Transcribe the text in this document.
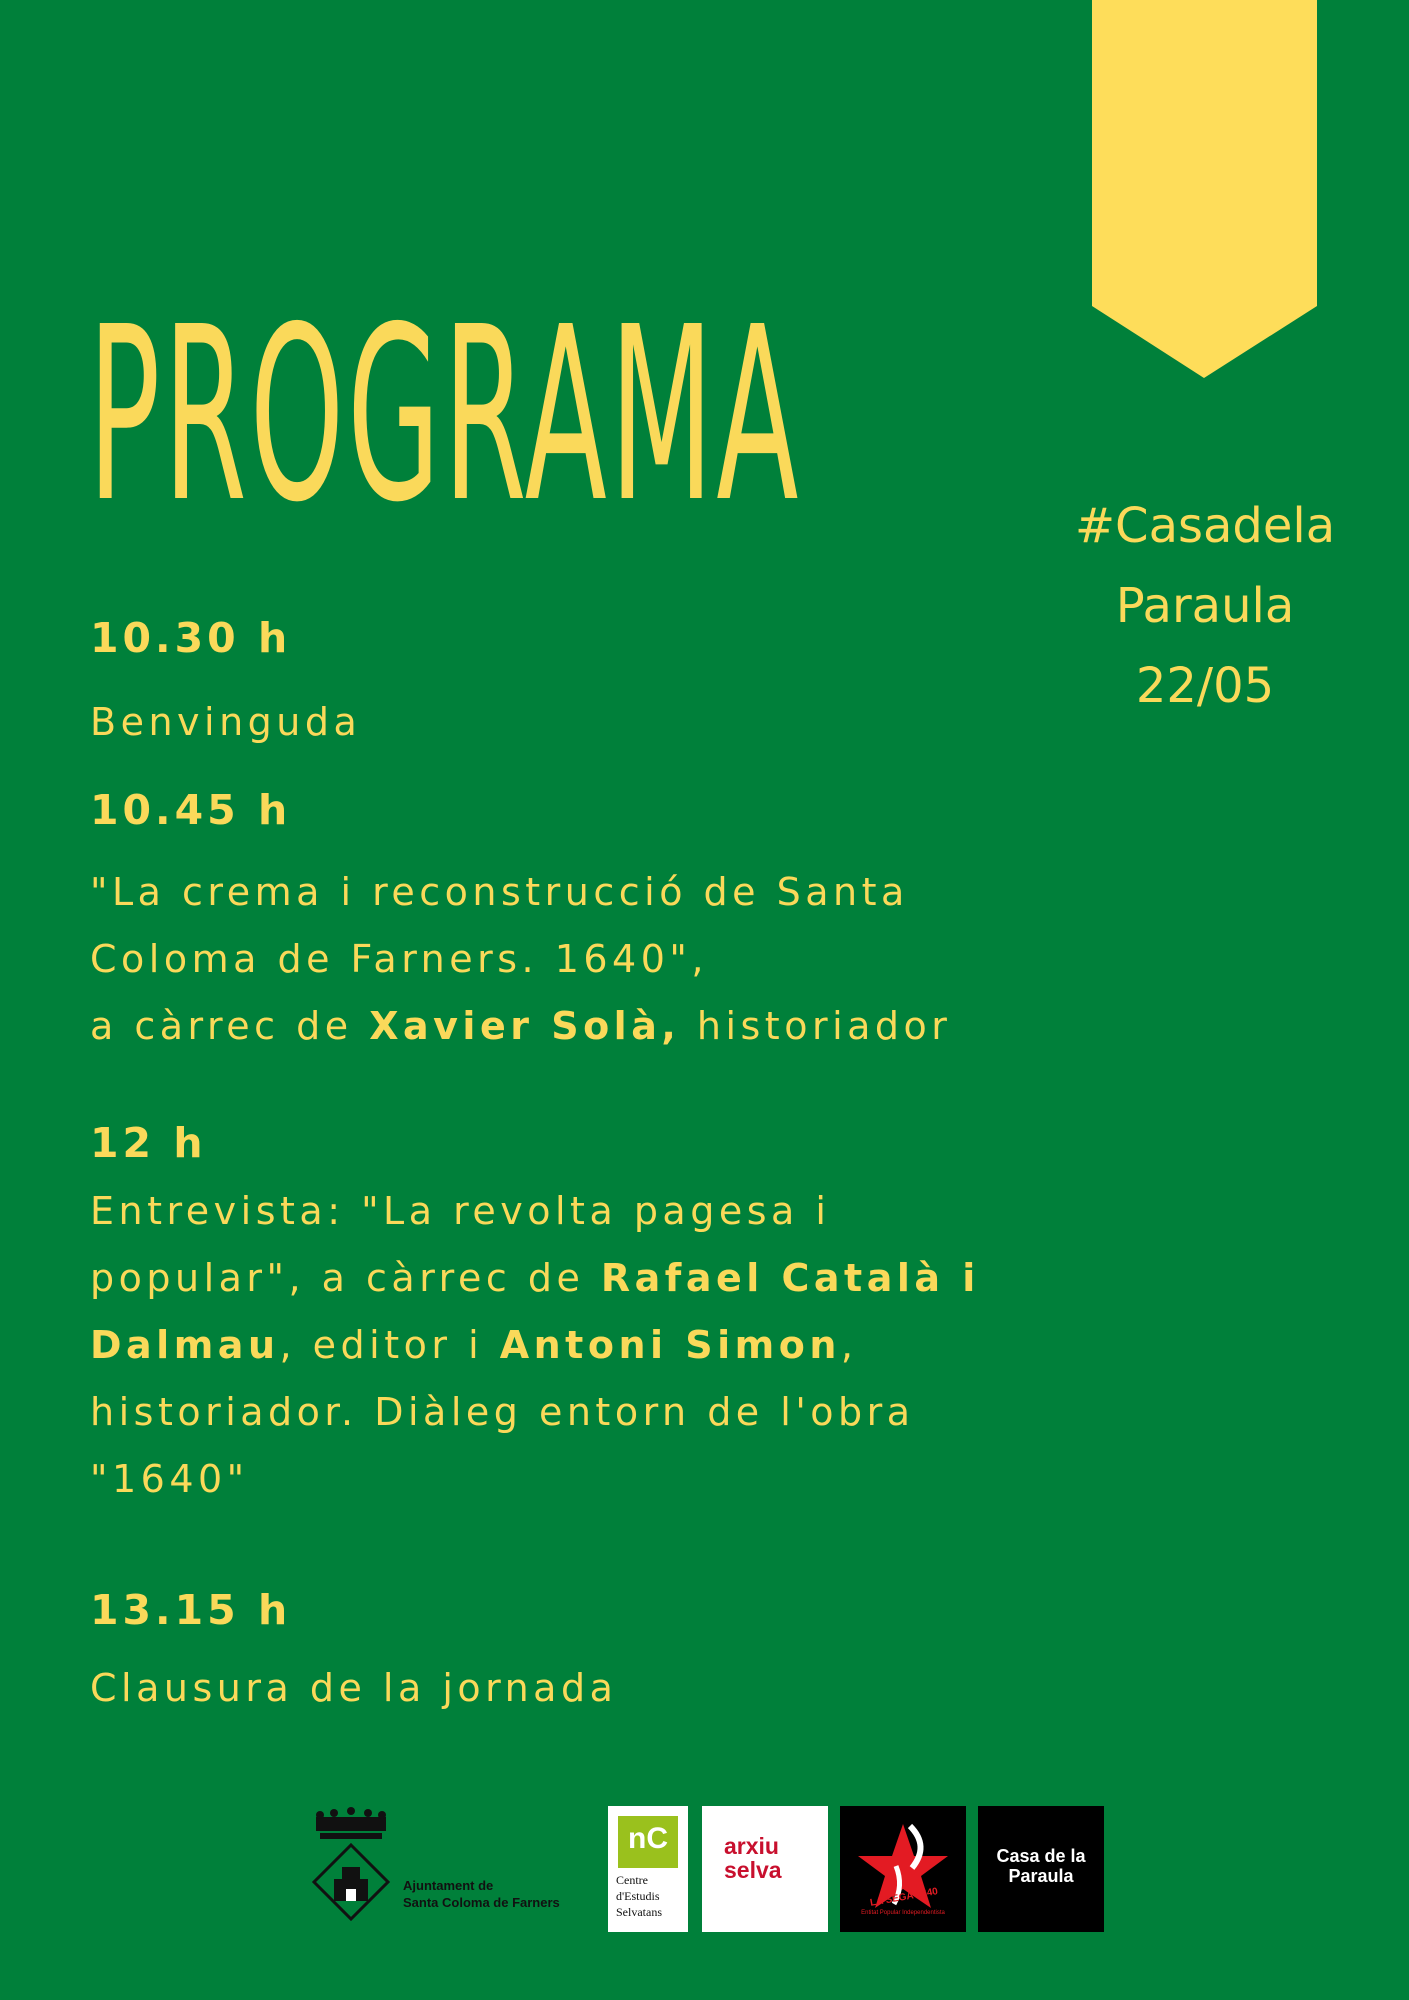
PROGRAMA	#Casadela
Paraula
22/05

10.30 h

Benvinguda

10.45 h

"La crema i reconstrucció de Santa
Coloma de Farners. 1640",
a càrrec de Xavier Solà, historiador

12 h

Entrevista: "La revolta pagesa i
popular", a càrrec de Rafael Català i
Dalmau, editor i Antoni Simon,
historiador. Diàleg entorn de l'obra
"1640"

13.15 h

Clausura de la jornada

Ajuntament de
Santa Coloma de Farners
nC
Centre
d'Estudis
Selvatans
arxiu
selva
LA SEGA 1640
Entitat Popular Independentista
Casa de la
Paraula
